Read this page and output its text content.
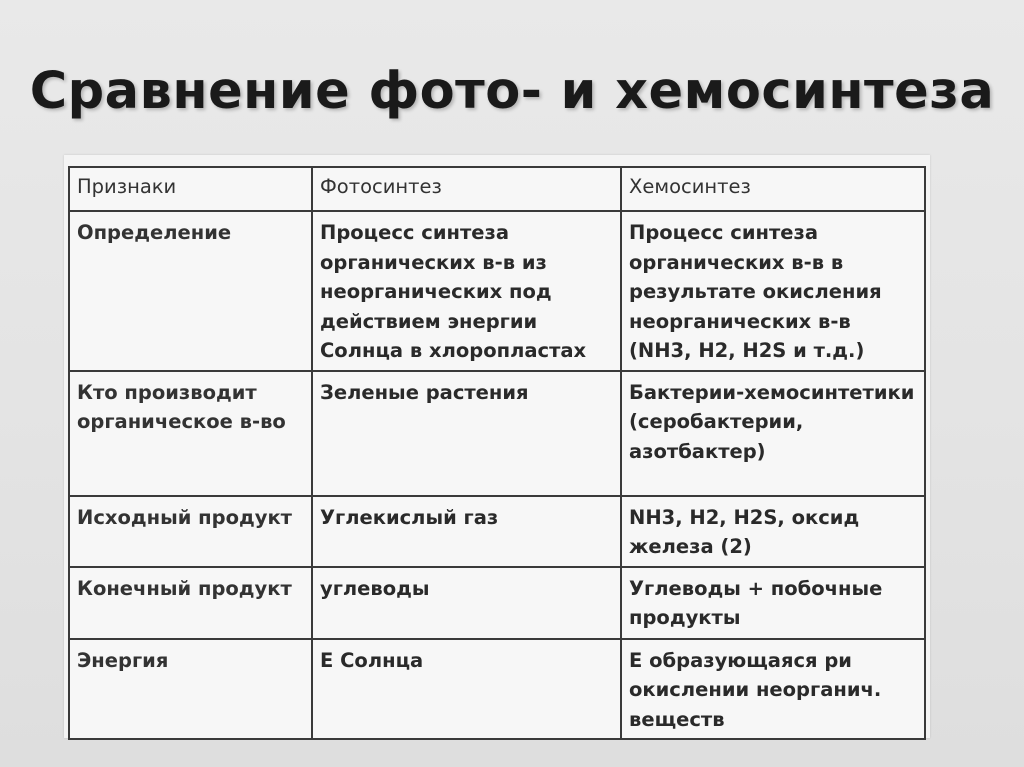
Сравнение фото- и хемосинтеза
Признаки	Фотосинтез	Хемосинтез
Определение	Процесс синтеза органических в-в из неорганических под действием энергии Солнца в хлоропластах	Процесс синтеза органических в-в в результате окисления неорганических в-в (NH3, H2, H2S и т.д.)
Кто производит органическое в-во	Зеленые растения	Бактерии-хемосинтетики (серобактерии, азотбактер)
Исходный продукт	Углекислый газ	NH3, H2, H2S, оксид железа (2)
Конечный продукт	углеводы	Углеводы + побочные продукты
Энергия	Е Солнца	Е образующаяся ри окислении неорганич. веществ
